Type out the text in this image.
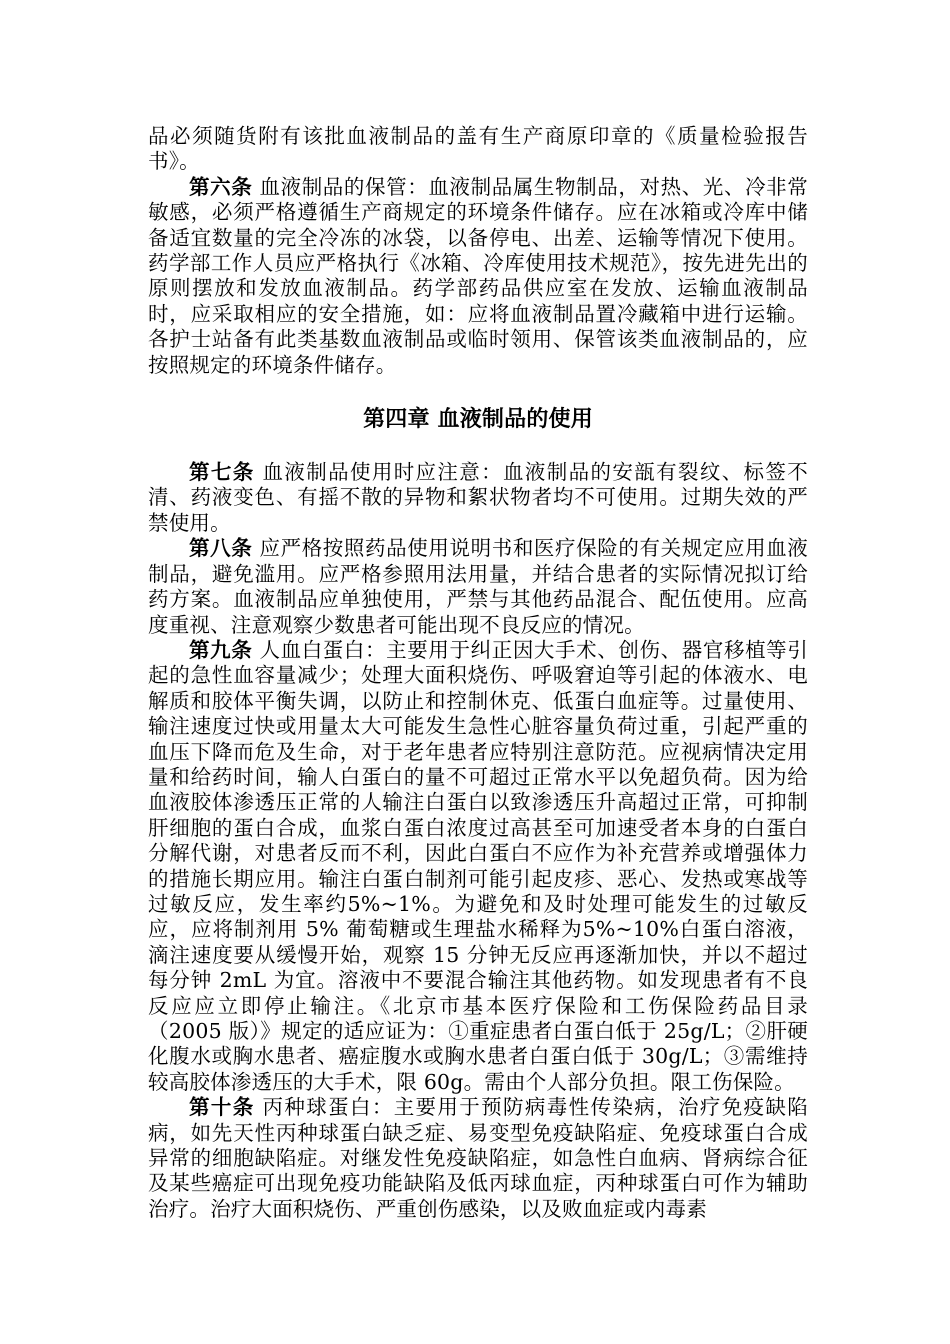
品必须随货附有该批血液制品的盖有生产商原印章的《质量检验报告书》。

第六条 血液制品的保管：血液制品属生物制品，对热、光、冷非常敏感，必须严格遵循生产商规定的环境条件储存。应在冰箱或冷库中储备适宜数量的完全冷冻的冰袋，以备停电、出差、运输等情况下使用。药学部工作人员应严格执行《冰箱、冷库使用技术规范》，按先进先出的原则摆放和发放血液制品。药学部药品供应室在发放、运输血液制品时，应采取相应的安全措施，如：应将血液制品置冷藏箱中进行运输。各护士站备有此类基数血液制品或临时领用、保管该类血液制品的，应按照规定的环境条件储存。

第四章 血液制品的使用

第七条 血液制品使用时应注意：血液制品的安瓿有裂纹、标签不清、药液变色、有摇不散的异物和絮状物者均不可使用。过期失效的严禁使用。

第八条 应严格按照药品使用说明书和医疗保险的有关规定应用血液制品，避免滥用。应严格参照用法用量，并结合患者的实际情况拟订给药方案。血液制品应单独使用，严禁与其他药品混合、配伍使用。应高度重视、注意观察少数患者可能出现不良反应的情况。

第九条 人血白蛋白：主要用于纠正因大手术、创伤、器官移植等引起的急性血容量减少；处理大面积烧伤、呼吸窘迫等引起的体液水、电解质和胶体平衡失调，以防止和控制休克、低蛋白血症等。过量使用、输注速度过快或用量太大可能发生急性心脏容量负荷过重，引起严重的血压下降而危及生命，对于老年患者应特别注意防范。应视病情决定用量和给药时间，输人白蛋白的量不可超过正常水平以免超负荷。因为给血液胶体渗透压正常的人输注白蛋白以致渗透压升高超过正常，可抑制肝细胞的蛋白合成，血浆白蛋白浓度过高甚至可加速受者本身的白蛋白分解代谢，对患者反而不利，因此白蛋白不应作为补充营养或增强体力的措施长期应用。输注白蛋白制剂可能引起皮疹、恶心、发热或寒战等过敏反应，发生率约5%~1%。为避免和及时处理可能发生的过敏反应，应将制剂用 5% 葡萄糖或生理盐水稀释为5%~10%白蛋白溶液，滴注速度要从缓慢开始，观察 15 分钟无反应再逐渐加快，并以不超过每分钟 2mL 为宜。溶液中不要混合输注其他药物。如发现患者有不良反应应立即停止输注。《北京市基本医疗保险和工伤保险药品目录（2005 版）》规定的适应证为：①重症患者白蛋白低于 25g/L；②肝硬化腹水或胸水患者、癌症腹水或胸水患者白蛋白低于 30g/L；③需维持较高胶体渗透压的大手术，限 60g。需由个人部分负担。限工伤保险。

第十条 丙种球蛋白：主要用于预防病毒性传染病，治疗免疫缺陷病，如先天性丙种球蛋白缺乏症、易变型免疫缺陷症、免疫球蛋白合成异常的细胞缺陷症。对继发性免疫缺陷症，如急性白血病、肾病综合征及某些癌症可出现免疫功能缺陷及低丙球血症，丙种球蛋白可作为辅助治疗。治疗大面积烧伤、严重创伤感染，以及败血症或内毒素
